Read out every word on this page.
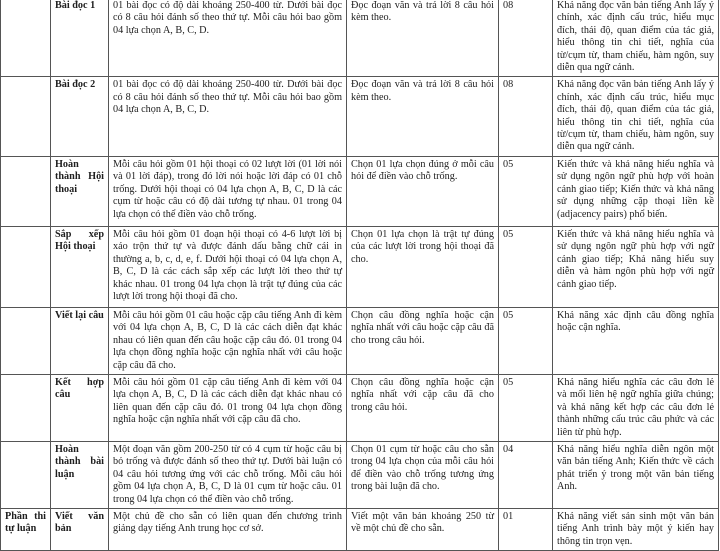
	Bài đọc 1	01 bài đọc có độ dài khoảng 250-400 từ. Dưới bài đọc có 8 câu hỏi đánh số theo thứ tự. Mỗi câu hỏi bao gồm 04 lựa chọn A, B, C, D.	Đọc đoạn văn và trả lời 8 câu hỏi kèm theo.	08	Khả năng đọc văn bản tiếng Anh lấy ý chính, xác định cấu trúc, hiểu mục đích, thái độ, quan điểm của tác giả, hiểu thông tin chi tiết, nghĩa của từ/cụm từ, tham chiếu, hàm ngôn, suy diễn qua ngữ cảnh.
	Bài đọc 2	01 bài đọc có độ dài khoảng 250-400 từ. Dưới bài đọc có 8 câu hỏi đánh số theo thứ tự. Mỗi câu hỏi bao gồm 04 lựa chọn A, B, C, D.	Đọc đoạn văn và trả lời 8 câu hỏi kèm theo.	08	Khả năng đọc văn bản tiếng Anh lấy ý chính, xác định cấu trúc, hiểu mục đích, thái độ, quan điểm của tác giả, hiểu thông tin chi tiết, nghĩa của từ/cụm từ, tham chiếu, hàm ngôn, suy diễn qua ngữ cảnh.
	Hoàn thành Hội thoại	Mỗi câu hỏi gồm 01 hội thoại có 02 lượt lời (01 lời nói và 01 lời đáp), trong đó lời nói hoặc lời đáp có 01 chỗ trống. Dưới hội thoại có 04 lựa chọn A, B, C, D là các cụm từ hoặc câu có độ dài tương tự nhau. 01 trong 04 lựa chọn có thể điền vào chỗ trống.	Chọn 01 lựa chọn đúng ở mỗi câu hỏi để điền vào chỗ trống.	05	Kiến thức và khả năng hiểu nghĩa và sử dụng ngôn ngữ phù hợp với hoàn cảnh giao tiếp; Kiến thức và khả năng sử dụng những cặp thoại liền kề (adjacency pairs) phổ biến.
	Sắp xếp Hội thoại	Mỗi câu hỏi gồm 01 đoạn hội thoại có 4-6 lượt lời bị xáo trộn thứ tự và được đánh dấu bằng chữ cái in thường a, b, c, d, e, f. Dưới hội thoại có 04 lựa chọn A, B, C, D là các cách sắp xếp các lượt lời theo thứ tự khác nhau. 01 trong 04 lựa chọn là trật tự đúng của các lượt lời trong hội thoại đã cho.	Chọn 01 lựa chọn là trật tự đúng của các lượt lời trong hội thoại đã cho.	05	Kiến thức và khả năng hiểu nghĩa và sử dụng ngôn ngữ phù hợp với ngữ cảnh giao tiếp; Khả năng hiểu suy diễn và hàm ngôn phù hợp với ngữ cảnh giao tiếp.
	Viết lại câu	Mỗi câu hỏi gồm 01 câu hoặc cặp câu tiếng Anh đi kèm với 04 lựa chọn A, B, C, D là các cách diễn đạt khác nhau có liên quan đến câu hoặc cặp câu đó. 01 trong 04 lựa chọn đồng nghĩa hoặc cận nghĩa nhất với câu hoặc cặp câu đã cho.	Chọn câu đồng nghĩa hoặc cận nghĩa nhất với câu hoặc cặp câu đã cho trong câu hỏi.	05	Khả năng xác định câu đồng nghĩa hoặc cận nghĩa.
	Kết hợp câu	Mỗi câu hỏi gồm 01 cặp câu tiếng Anh đi kèm với 04 lựa chọn A, B, C, D là các cách diễn đạt khác nhau có liên quan đến cặp câu đó. 01 trong 04 lựa chọn đồng nghĩa hoặc cận nghĩa nhất với cặp câu đã cho.	Chọn câu đồng nghĩa hoặc cận nghĩa nhất với cặp câu đã cho trong câu hỏi.	05	Khả năng hiểu nghĩa các câu đơn lẻ và mối liên hệ ngữ nghĩa giữa chúng; và khả năng kết hợp các câu đơn lẻ thành những cấu trúc câu phức và các liên từ phù hợp.
	Hoàn thành bài luận	Một đoạn văn gồm 200-250 từ có 4 cụm từ hoặc câu bị bỏ trống và được đánh số theo thứ tự. Dưới bài luận có 04 câu hỏi tương ứng với các chỗ trống. Mỗi câu hỏi gồm 04 lựa chọn A, B, C, D là 01 cụm từ hoặc câu. 01 trong 04 lựa chọn có thể điền vào chỗ trống.	Chọn 01 cụm từ hoặc câu cho sẵn trong 04 lựa chọn của mỗi câu hỏi để điền vào chỗ trống tương ứng trong bài luận đã cho.	04	Khả năng hiểu nghĩa diễn ngôn một văn bản tiếng Anh; Kiến thức về cách phát triển ý trong một văn bản tiếng Anh.
Phần thi tự luận	Viết văn bản	Một chủ đề cho sẵn có liên quan đến chương trình giảng dạy tiếng Anh trung học cơ sở.	Viết một văn bản khoảng 250 từ về một chủ đề cho sẵn.	01	Khả năng viết sản sinh một văn bản tiếng Anh trình bày một ý kiến hay thông tin trọn vẹn.
